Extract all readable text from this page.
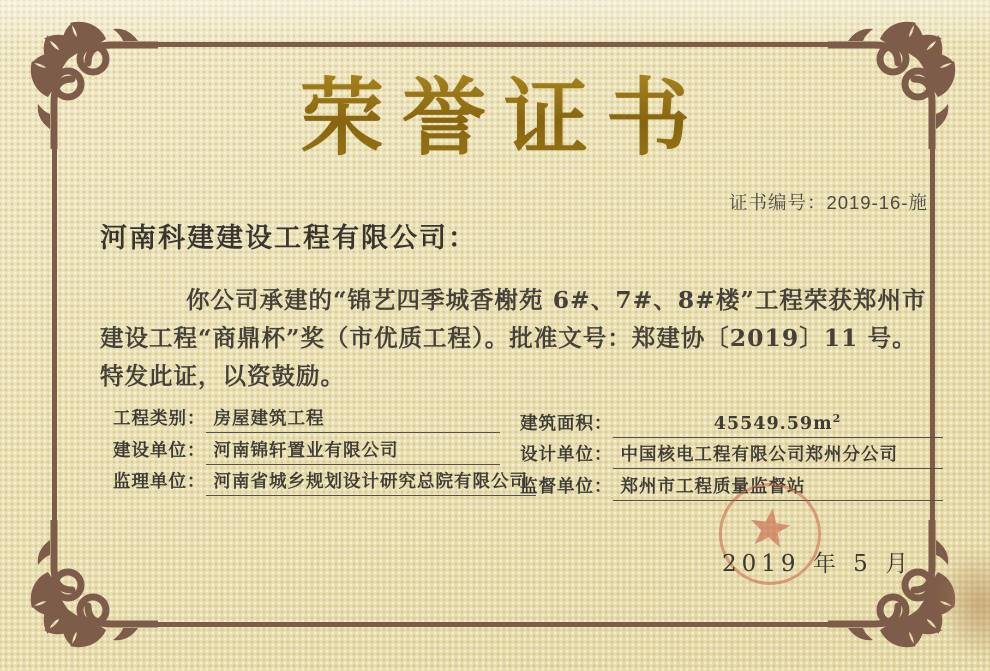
荣誉证书
证书编号：2019-16-施
河南科建建设工程有限公司：
你公司承建的“锦艺四季城香榭苑 6#、7#、8#楼”工程荣获郑州市
建设工程“商鼎杯”奖（市优质工程）。批准文号：郑建协〔2019〕11 号。
特发此证，以资鼓励。
工程类别： 房屋建筑工程
建设单位： 河南锦轩置业有限公司
监理单位： 河南省城乡规划设计研究总院有限公司
建筑面积：	$45549.59m^2$
设计单位： 中国核电工程有限公司郑州分公司
监督单位： 郑州市工程质量监督站
2019 年 5 月
